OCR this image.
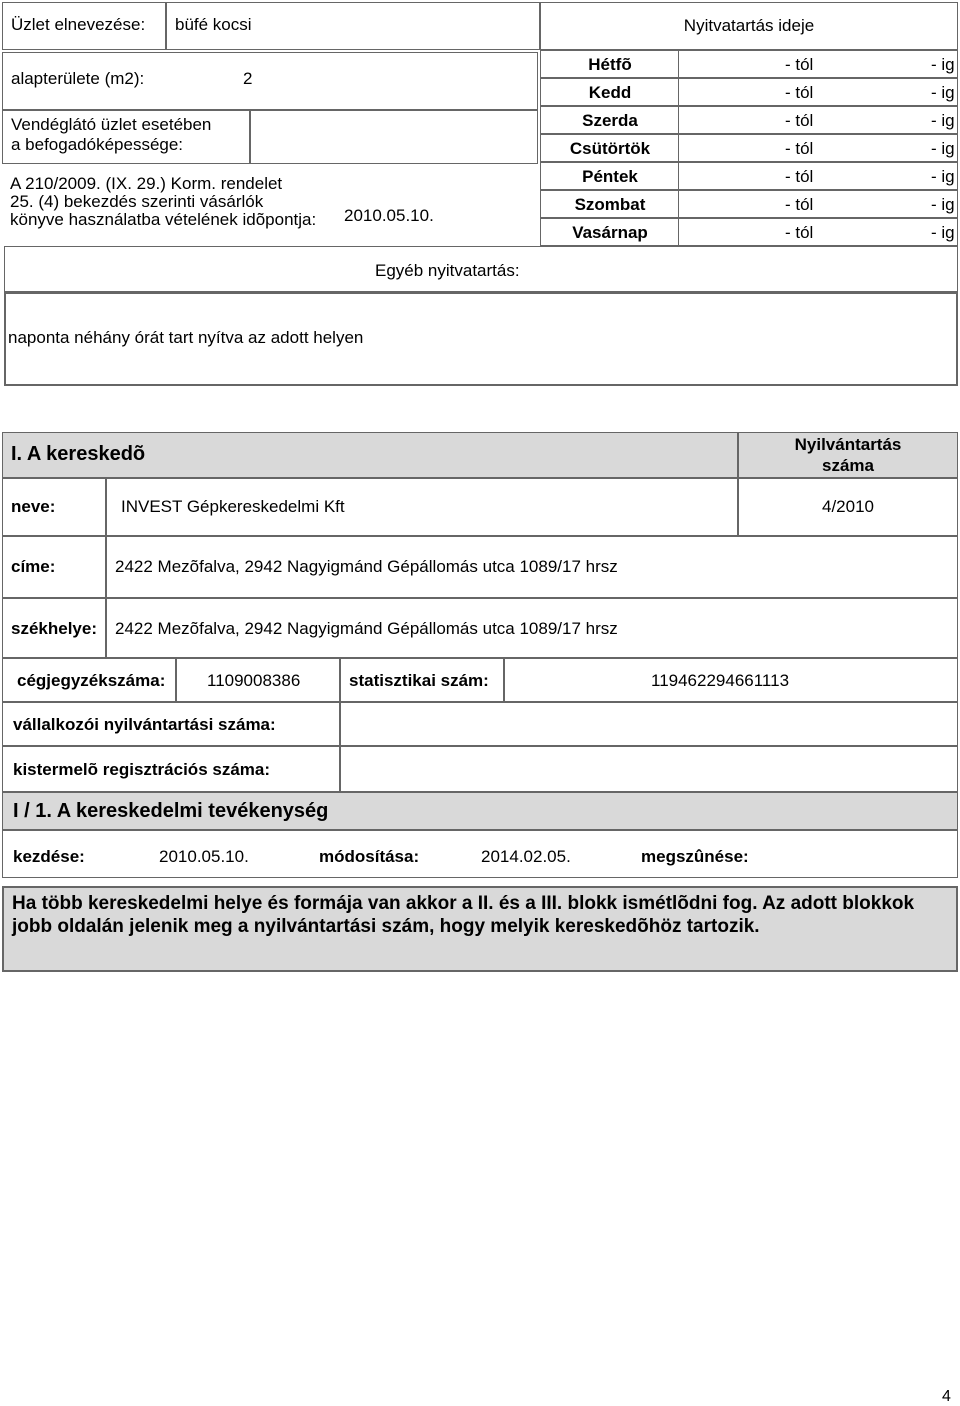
Üzlet elnevezése: büfé kocsi	Nyitvatartás ideje
alapterülete (m2):	2
Vendéglátó üzlet esetében
a befogadóképessége:
A 210/2009. (IX. 29.) Korm. rendelet
25. (4) bekezdés szerinti vásárlók
könyve használatba vételének idõpontja: 2010.05.10.
Hétfõ	- tól	- ig
Kedd	- tól	- ig
Szerda	- tól	- ig
Csütörtök	- tól	- ig
Péntek	- tól	- ig
Szombat	- tól	- ig
Vasárnap	- tól	- ig
Egyéb nyitvatartás:
naponta néhány órát tart nyítva az adott helyen
I. A kereskedõ	Nyilvántartás
száma
neve:	INVEST Gépkereskedelmi Kft	4/2010
címe:	2422 Mezõfalva, 2942 Nagyigmánd Gépállomás utca 1089/17 hrsz
székhelye: 2422 Mezõfalva, 2942 Nagyigmánd Gépállomás utca 1089/17 hrsz
cégjegyzékszáma: 1109008386	statisztikai szám:	119462294661113
vállalkozói nyilvántartási száma:
kistermelõ regisztrációs száma:
I / 1. A kereskedelmi tevékenység
kezdése:	2010.05.10.	módosítása:	2014.02.05.	megszûnése:
Ha több kereskedelmi helye és formája van akkor a II. és a III. blokk ismétlõdni fog. Az adott blokkok jobb oldalán jelenik meg a nyilvántartási szám, hogy melyik kereskedõhöz tartozik.
4
